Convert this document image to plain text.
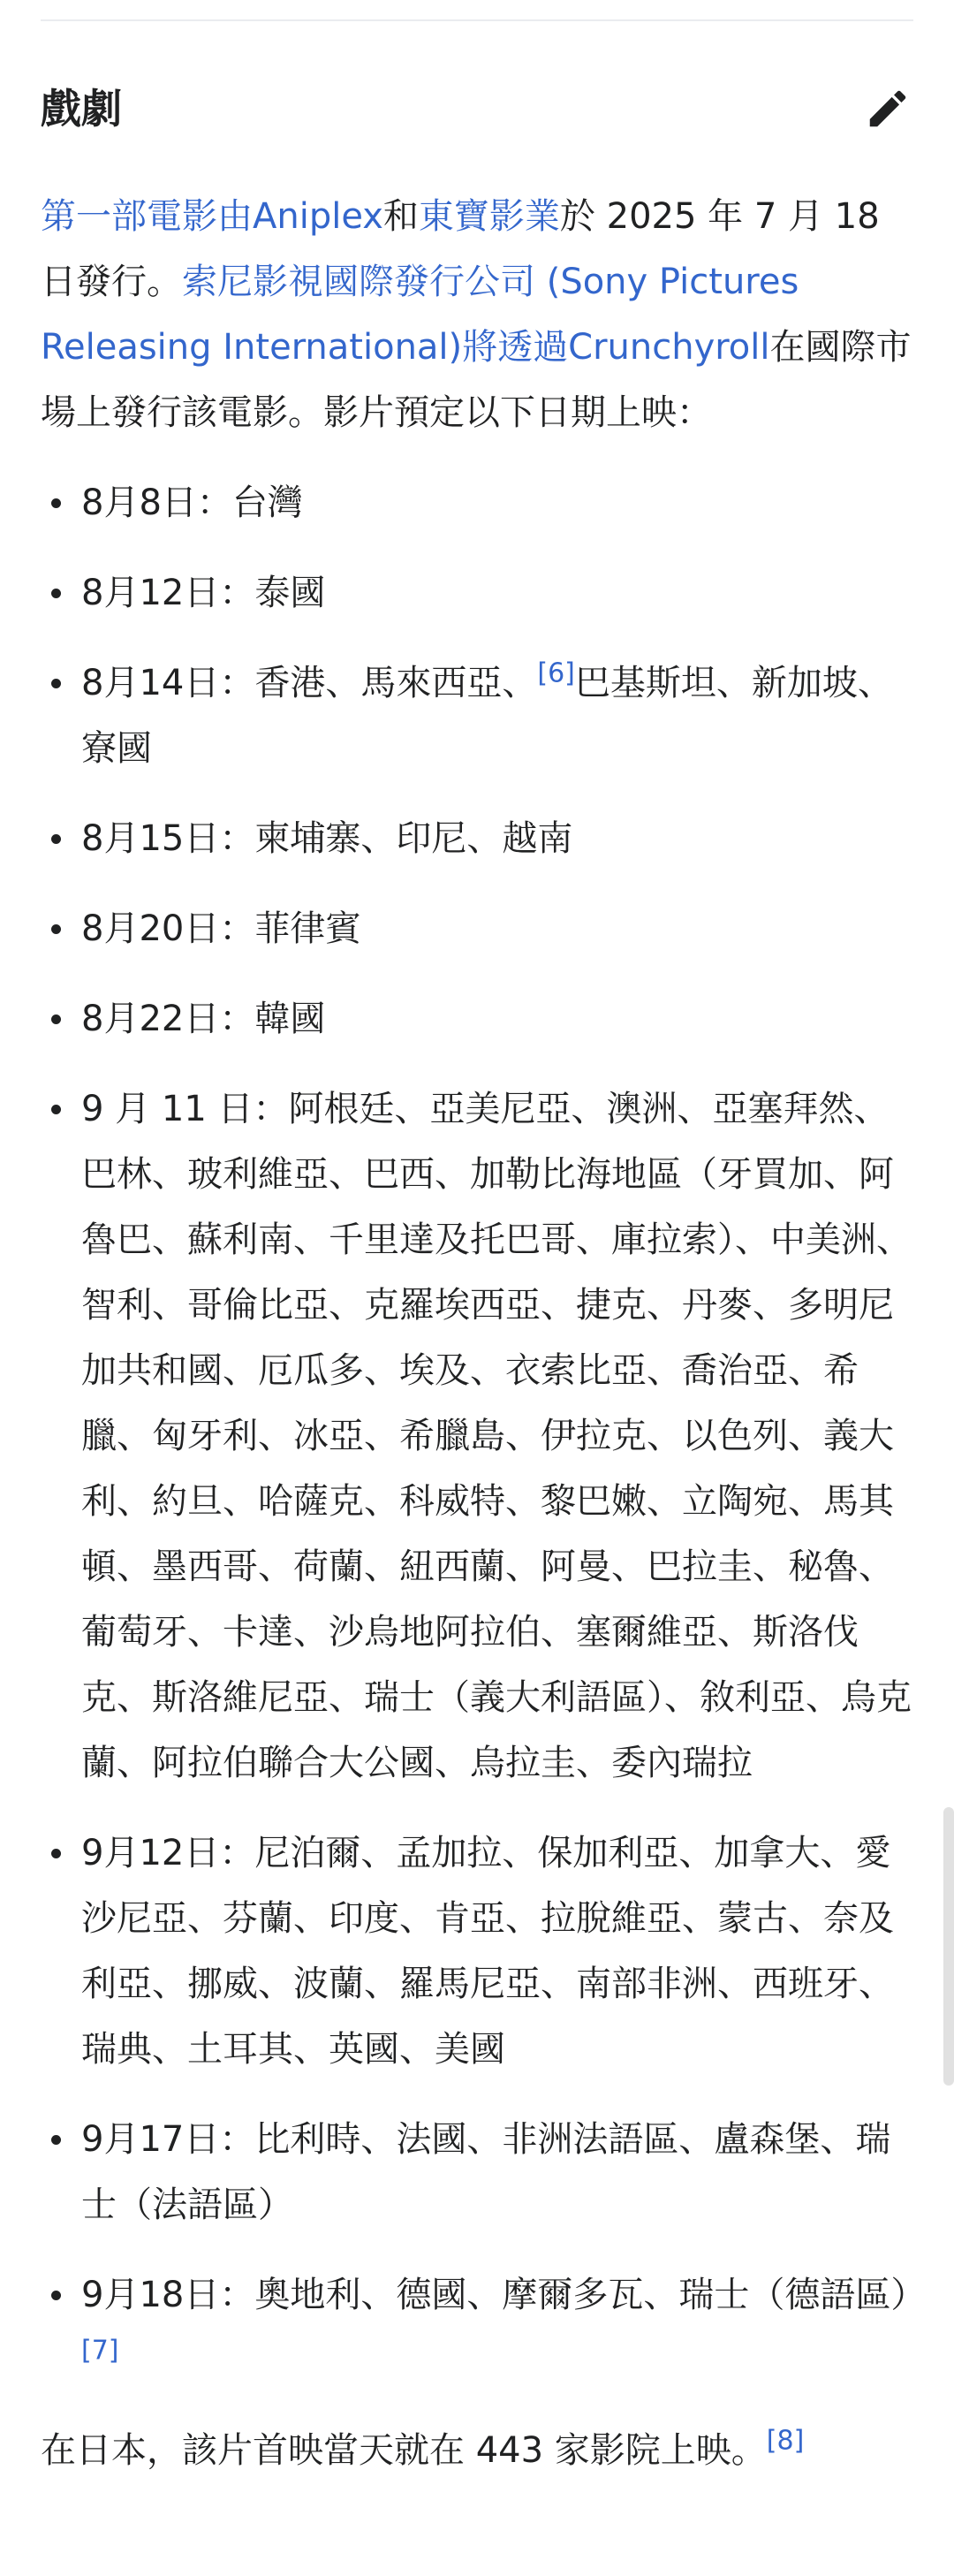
戲劇

第一部電影由Aniplex和東寶影業於 2025 年 7 月 18 日發行。索尼影視國際發行公司 (Sony Pictures Releasing International)將透過Crunchyroll在國際市場上發行該電影。影片預定以下日期上映：

8月8日：台灣
8月12日：泰國
8月14日：香港、馬來西亞、[6]巴基斯坦、新加坡、寮國
8月15日：柬埔寨、印尼、越南
8月20日：菲律賓
8月22日：韓國
9 月 11 日：阿根廷、亞美尼亞、澳洲、亞塞拜然、巴林、玻利維亞、巴西、加勒比海地區（牙買加、阿魯巴、蘇利南、千里達及托巴哥、庫拉索）、中美洲、智利、哥倫比亞、克羅埃西亞、捷克、丹麥、多明尼加共和國、厄瓜多、埃及、衣索比亞、喬治亞、希臘、匈牙利、冰亞、希臘島、伊拉克、以色列、義大利、約旦、哈薩克、科威特、黎巴嫩、立陶宛、馬其頓、墨西哥、荷蘭、紐西蘭、阿曼、巴拉圭、秘魯、葡萄牙、卡達、沙烏地阿拉伯、塞爾維亞、斯洛伐克、斯洛維尼亞、瑞士（義大利語區）、敘利亞、烏克蘭、阿拉伯聯合大公國、烏拉圭、委內瑞拉
9月12日：尼泊爾、孟加拉、保加利亞、加拿大、愛沙尼亞、芬蘭、印度、肯亞、拉脫維亞、蒙古、奈及利亞、挪威、波蘭、羅馬尼亞、南部非洲、西班牙、瑞典、土耳其、英國、美國
9月17日：比利時、法國、非洲法語區、盧森堡、瑞士（法語區）
9月18日：奧地利、德國、摩爾多瓦、瑞士（德語區）[7]

在日本，該片首映當天就在 443 家影院上映。[8]
